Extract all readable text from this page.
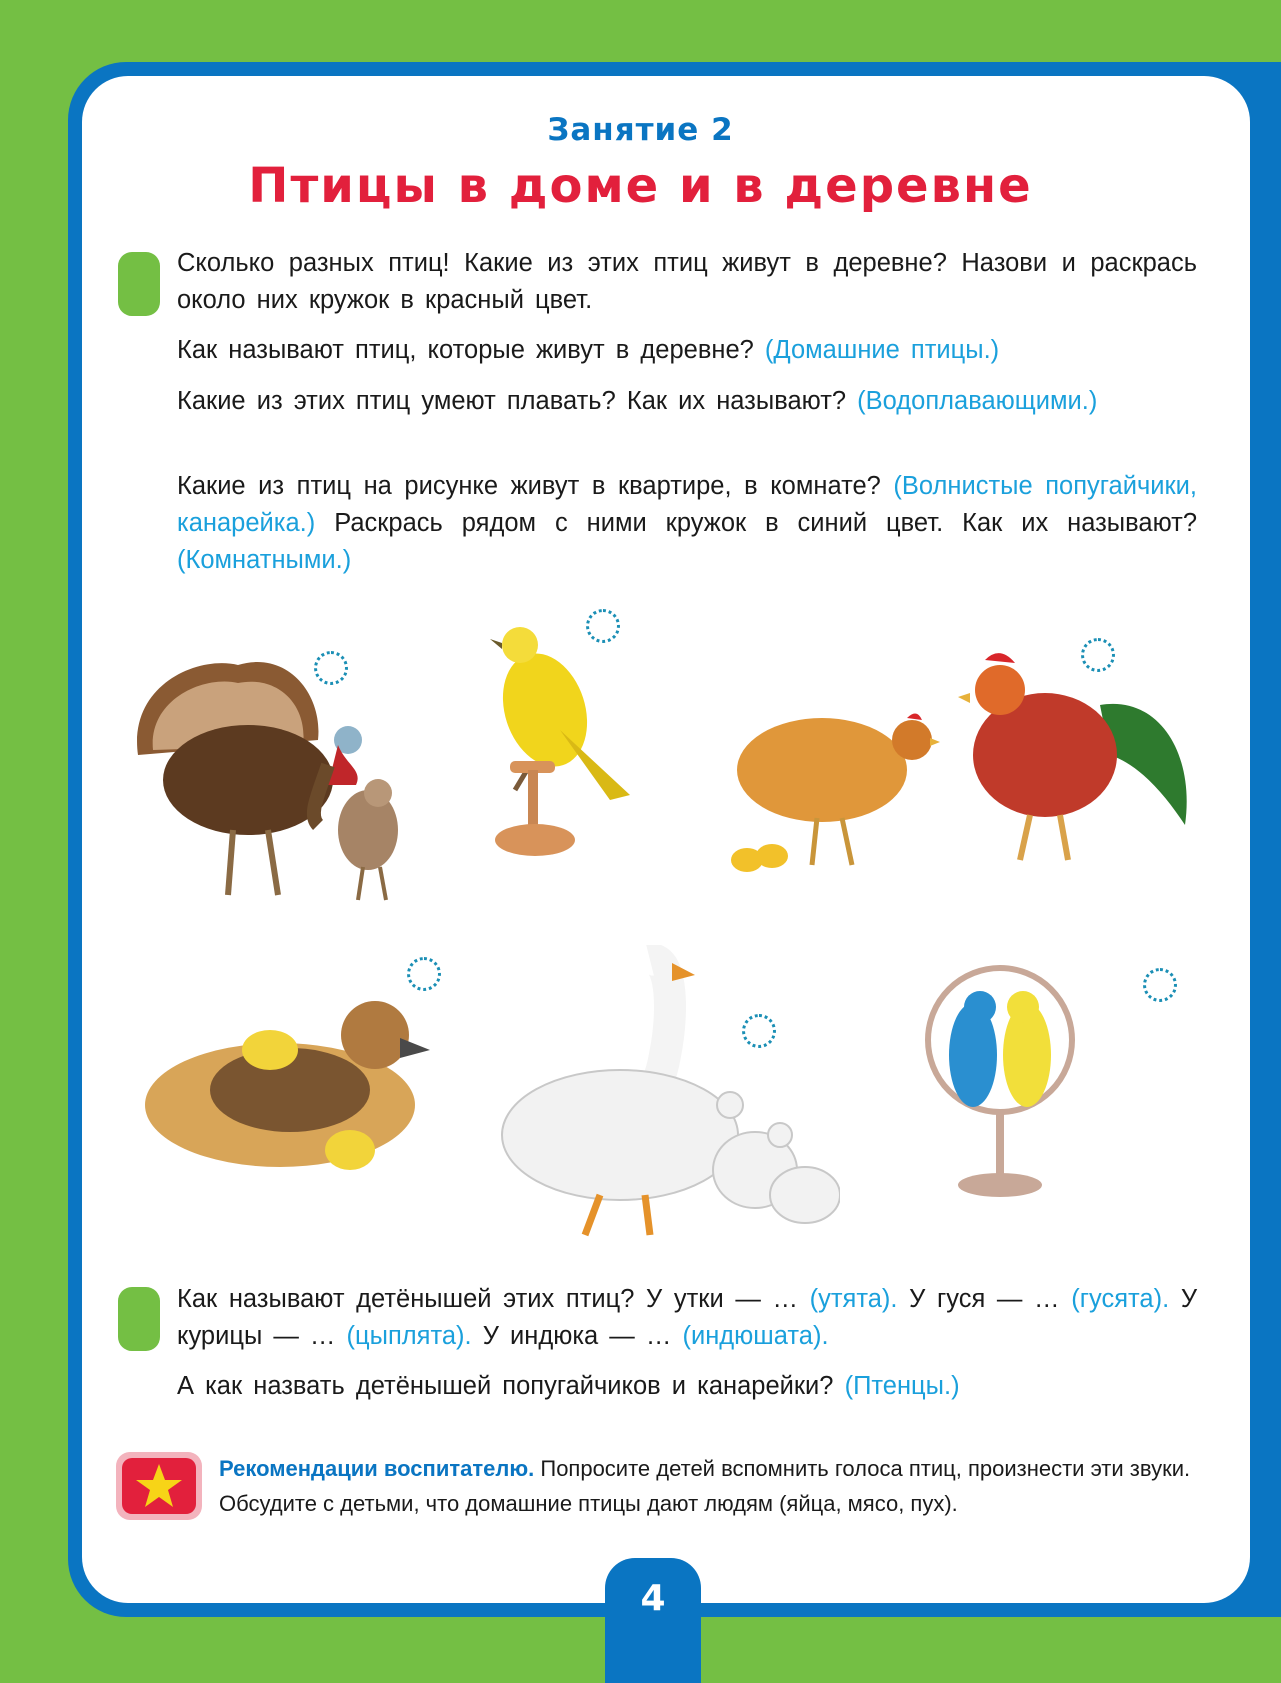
Занятие 2
Птицы в доме и в деревне
Сколько разных птиц! Какие из этих птиц живут в деревне? Назови и раскрась около них кружок в красный цвет.
Как называют птиц, которые живут в деревне? (Домашние птицы.)
Какие из этих птиц умеют плавать? Как их называют? (Водоплавающими.)
Какие из птиц на рисунке живут в квартире, в комнате? (Волнистые попугайчики, канарейка.) Раскрась рядом с ними кружок в синий цвет. Как их называют? (Комнатными.)
Как называют детёнышей этих птиц? У утки — … (утята). У гуся — … (гусята). У курицы — … (цыплята). У индюка — … (индюшата).
А как назвать детёнышей попугайчиков и канарейки? (Птенцы.)
Рекомендации воспитателю. Попросите детей вспомнить голоса птиц, произнести эти звуки. Обсудите с детьми, что домашние птицы дают людям (яйца, мясо, пух).
4
